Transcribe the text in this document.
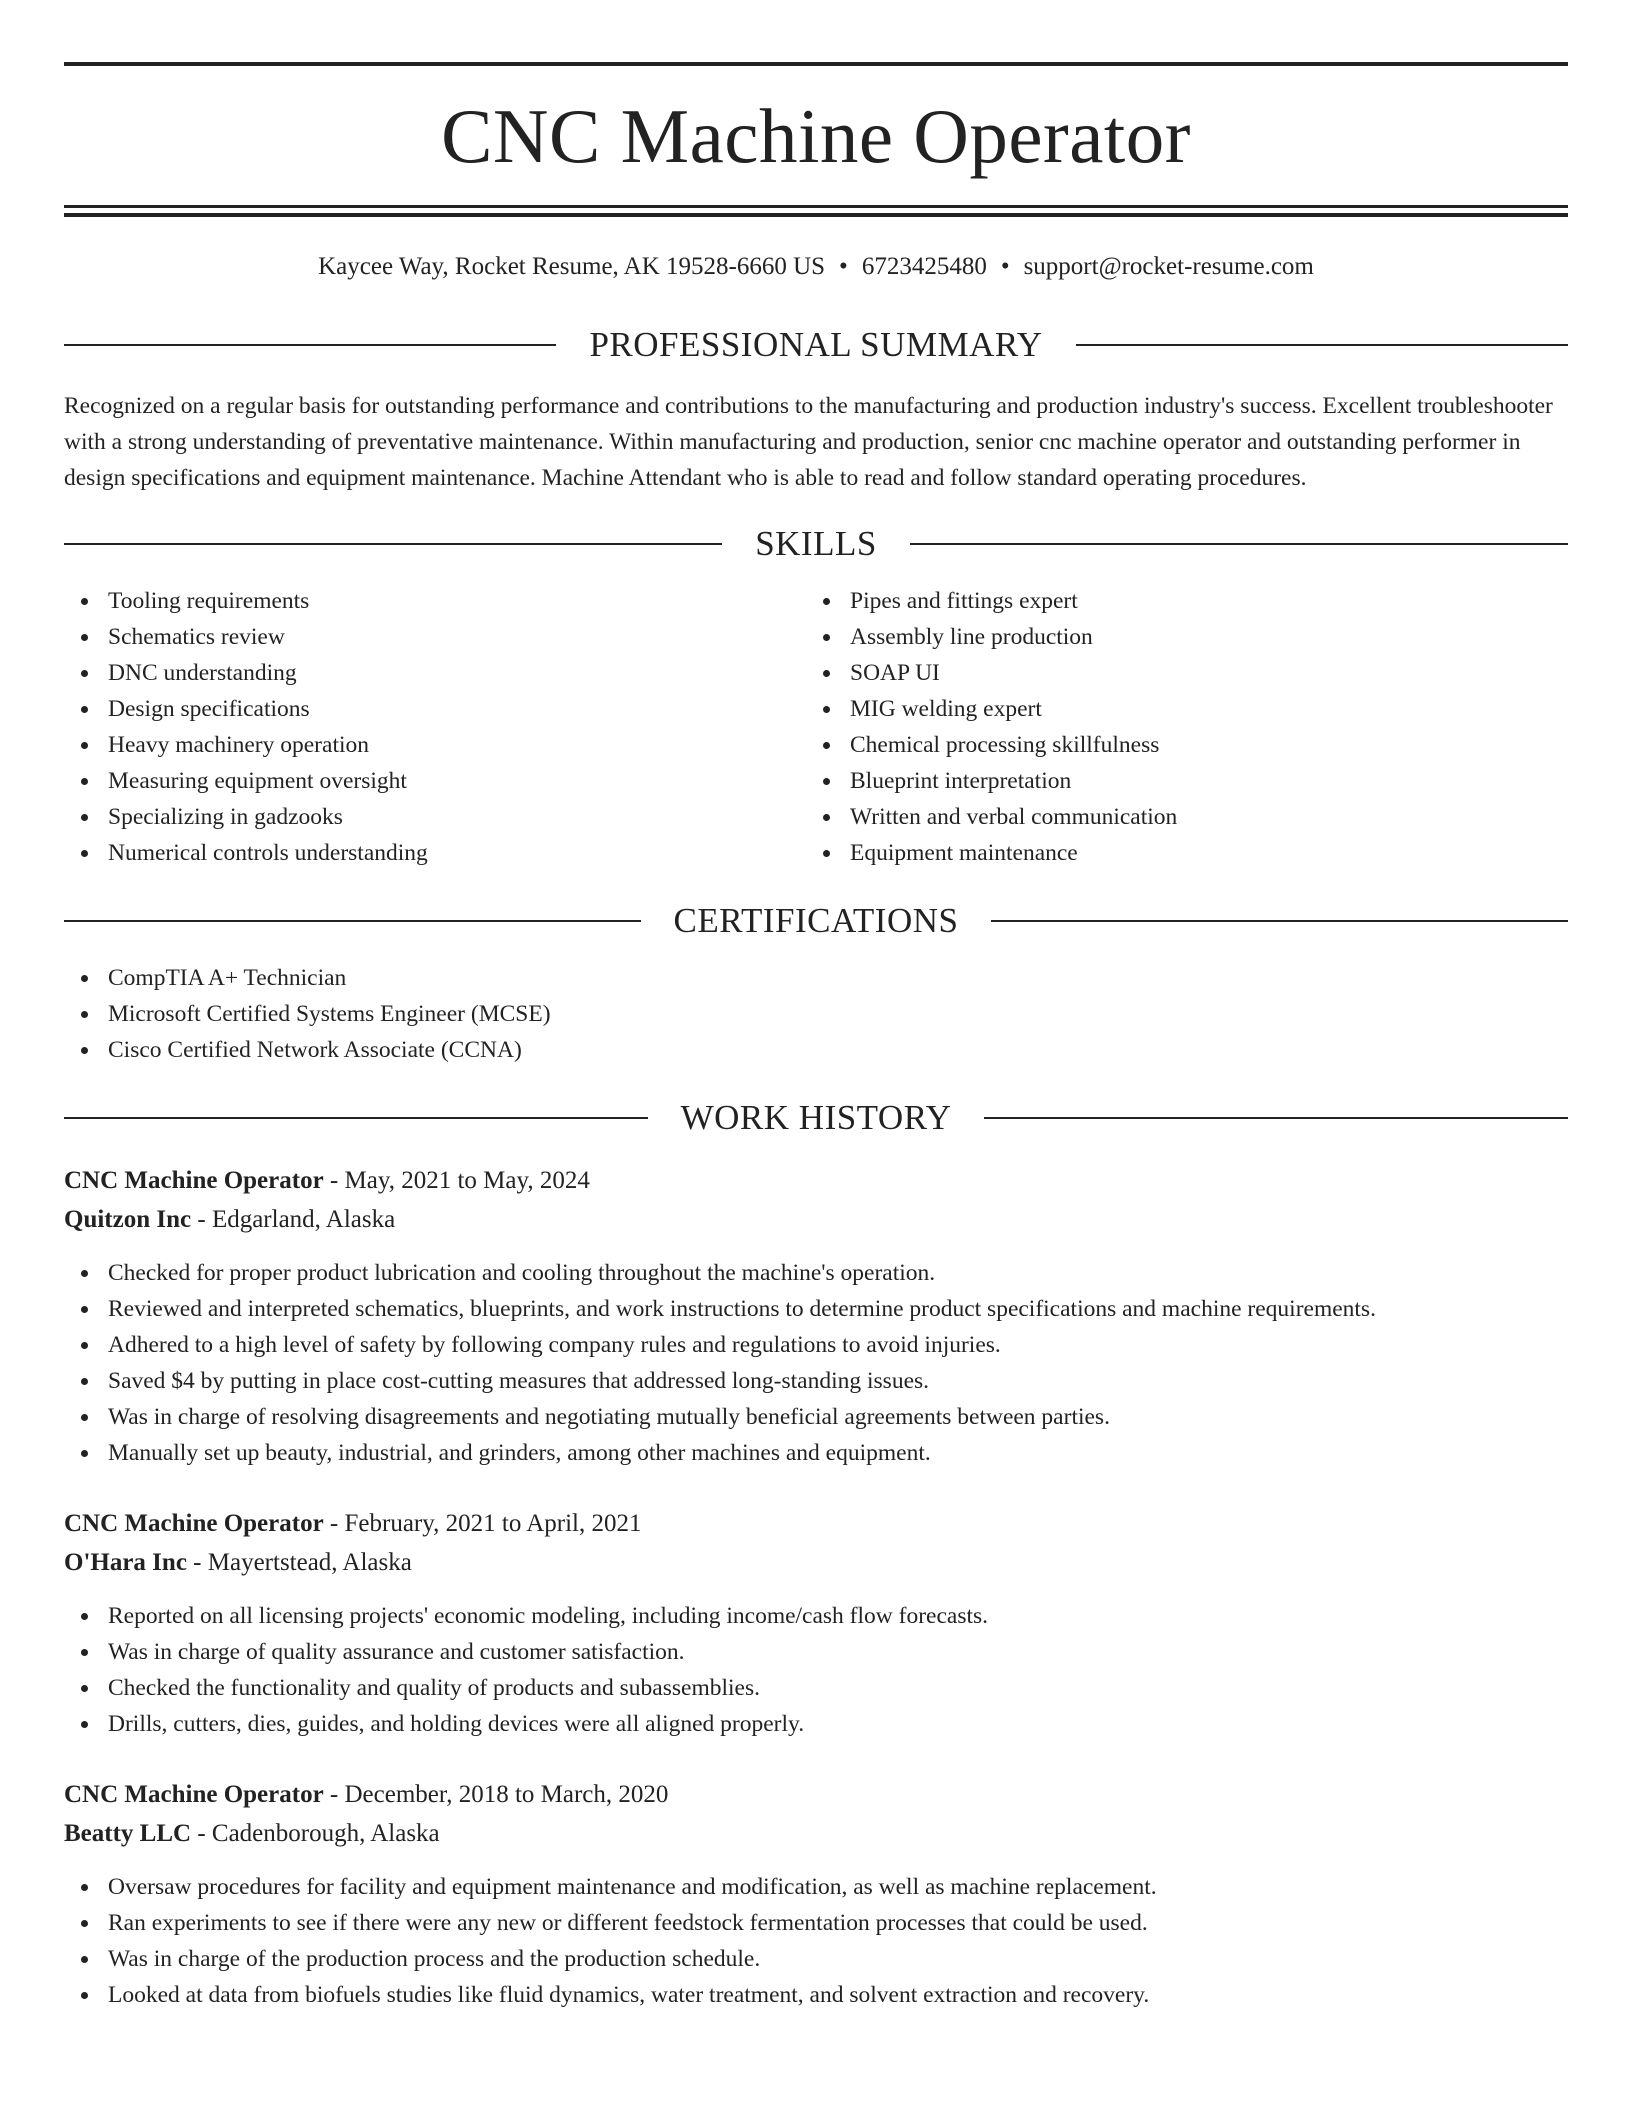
CNC Machine Operator
Kaycee Way, Rocket Resume, AK 19528-6660 US • 6723425480 • support@rocket-resume.com
PROFESSIONAL SUMMARY

Recognized on a regular basis for outstanding performance and contributions to the manufacturing and production industry's success. Excellent troubleshooter with a strong understanding of preventative maintenance. Within manufacturing and production, senior cnc machine operator and outstanding performer in design specifications and equipment maintenance. Machine Attendant who is able to read and follow standard operating procedures.

SKILLS
Tooling requirements
Schematics review
DNC understanding
Design specifications
Heavy machinery operation
Measuring equipment oversight
Specializing in gadzooks
Numerical controls understanding
Pipes and fittings expert
Assembly line production
SOAP UI
MIG welding expert
Chemical processing skillfulness
Blueprint interpretation
Written and verbal communication
Equipment maintenance
CERTIFICATIONS
CompTIA A+ Technician
Microsoft Certified Systems Engineer (MCSE)
Cisco Certified Network Associate (CCNA)
WORK HISTORY
CNC Machine Operator - May, 2021 to May, 2024
Quitzon Inc - Edgarland, Alaska
Checked for proper product lubrication and cooling throughout the machine's operation.
Reviewed and interpreted schematics, blueprints, and work instructions to determine product specifications and machine requirements.
Adhered to a high level of safety by following company rules and regulations to avoid injuries.
Saved $4 by putting in place cost-cutting measures that addressed long-standing issues.
Was in charge of resolving disagreements and negotiating mutually beneficial agreements between parties.
Manually set up beauty, industrial, and grinders, among other machines and equipment.
CNC Machine Operator - February, 2021 to April, 2021
O'Hara Inc - Mayertstead, Alaska
Reported on all licensing projects' economic modeling, including income/cash flow forecasts.
Was in charge of quality assurance and customer satisfaction.
Checked the functionality and quality of products and subassemblies.
Drills, cutters, dies, guides, and holding devices were all aligned properly.
CNC Machine Operator - December, 2018 to March, 2020
Beatty LLC - Cadenborough, Alaska
Oversaw procedures for facility and equipment maintenance and modification, as well as machine replacement.
Ran experiments to see if there were any new or different feedstock fermentation processes that could be used.
Was in charge of the production process and the production schedule.
Looked at data from biofuels studies like fluid dynamics, water treatment, and solvent extraction and recovery.
